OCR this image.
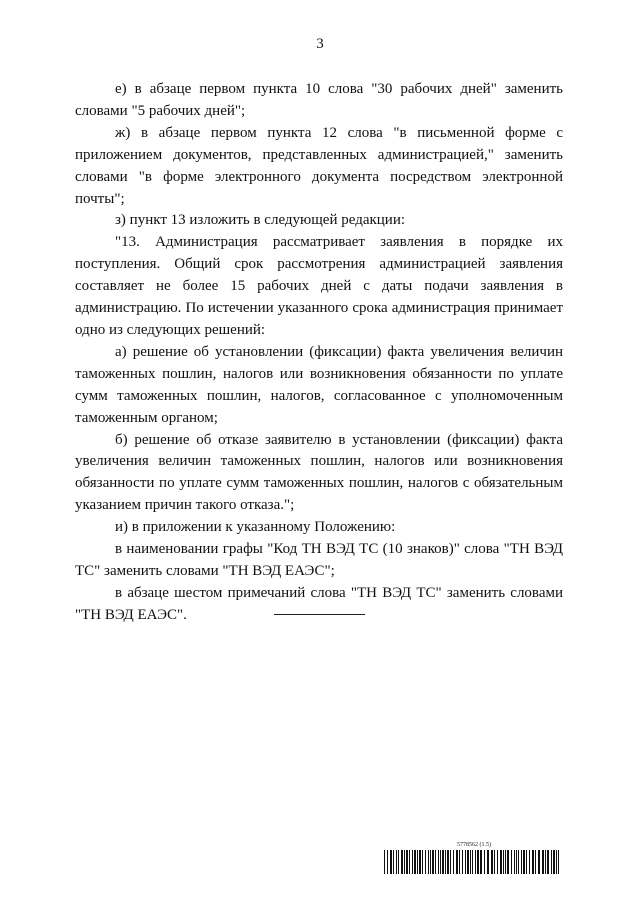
3

е) в абзаце первом пункта 10 слова "30 рабочих дней" заменить словами "5 рабочих дней";

ж) в абзаце первом пункта 12 слова "в письменной форме с приложением документов, представленных администрацией," заменить словами "в форме электронного документа посредством электронной почты";

з) пункт 13 изложить в следующей редакции:

"13. Администрация рассматривает заявления в порядке их поступления. Общий срок рассмотрения администрацией заявления составляет не более 15 рабочих дней с даты подачи заявления в администрацию. По истечении указанного срока администрация принимает одно из следующих решений:

а) решение об установлении (фиксации) факта увеличения величин таможенных пошлин, налогов или возникновения обязанности по уплате сумм таможенных пошлин, налогов, согласованное с уполномоченным таможенным органом;

б) решение об отказе заявителю в установлении (фиксации) факта увеличения величин таможенных пошлин, налогов или возникновения обязанности по уплате сумм таможенных пошлин, налогов с обязательным указанием причин такого отказа.";

и) в приложении к указанному Положению:

в наименовании графы "Код ТН ВЭД ТС (10 знаков)" слова "ТН ВЭД ТС" заменить словами "ТН ВЭД ЕАЭС";

в абзаце шестом примечаний слова "ТН ВЭД ТС" заменить словами "ТН ВЭД ЕАЭС".

5778562 (1.5)
